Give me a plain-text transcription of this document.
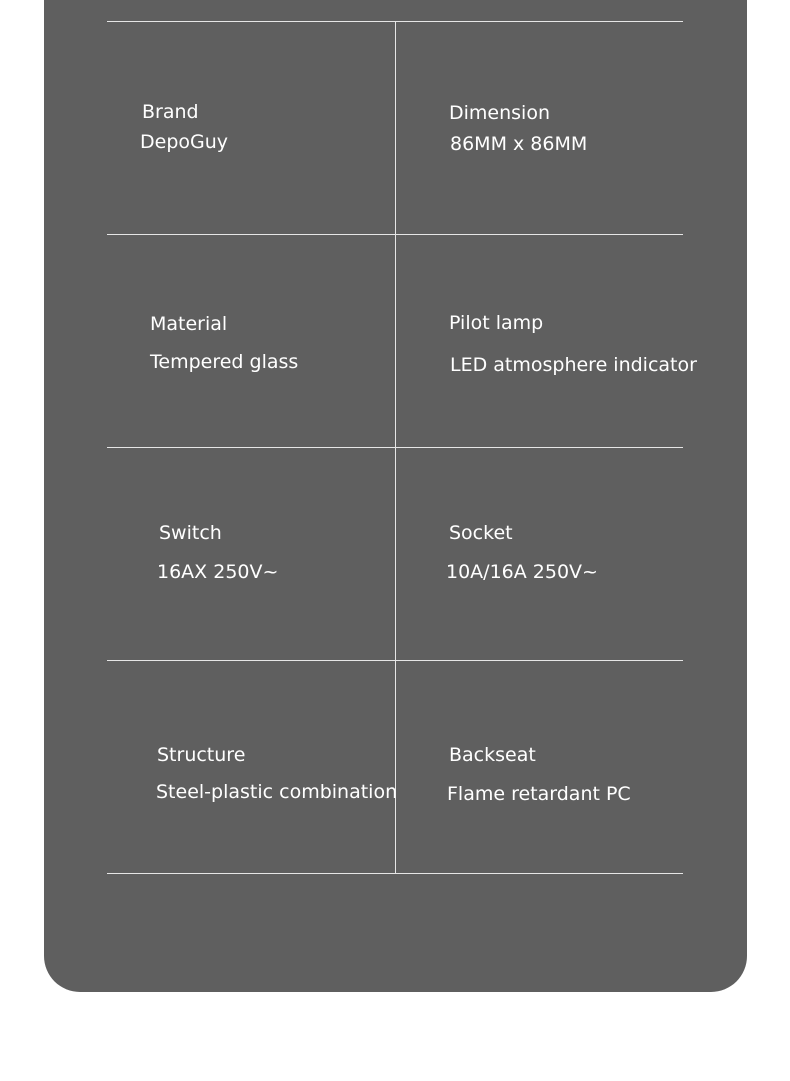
Brand
DepoGuy
Dimension
86MM x 86MM
Material
Tempered glass
Pilot lamp
LED atmosphere indicator
Switch
16AX 250V~
Socket
10A/16A 250V~
Structure
Steel-plastic combination
Backseat
Flame retardant PC
